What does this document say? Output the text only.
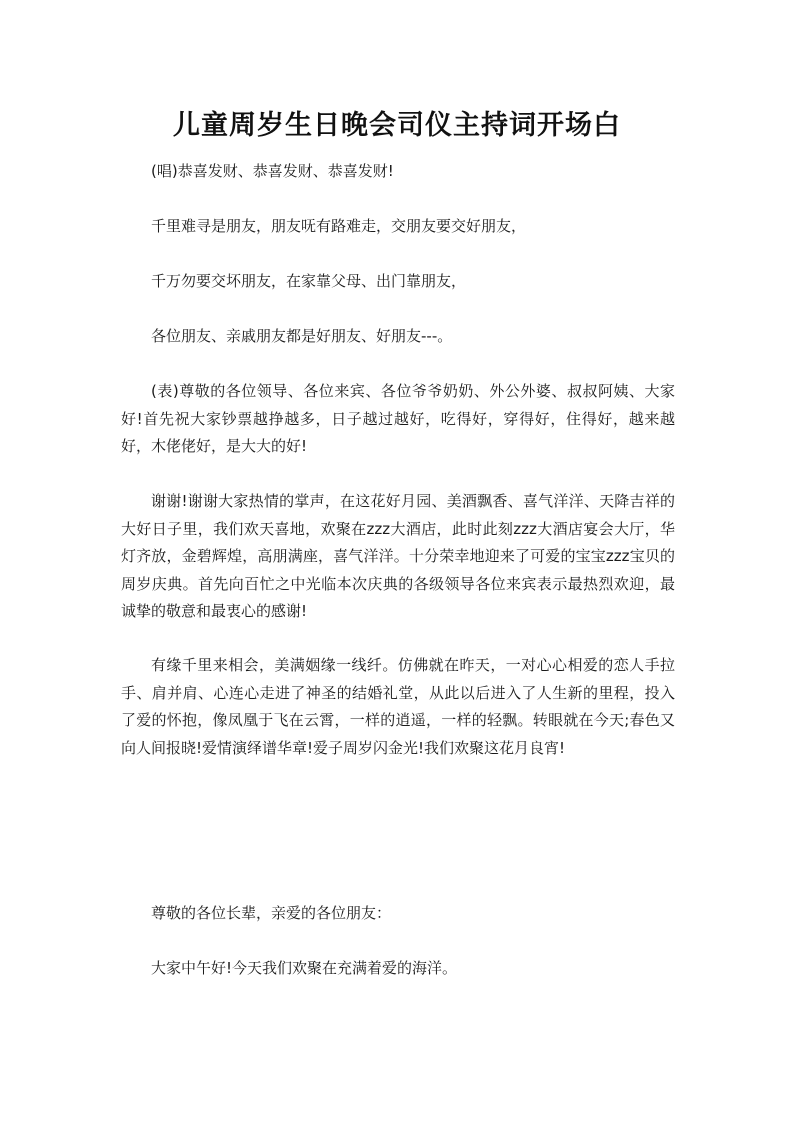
儿童周岁生日晚会司仪主持词开场白
(唱)恭喜发财、恭喜发财、恭喜发财!
千里难寻是朋友，朋友呒有路难走，交朋友要交好朋友，
千万勿要交坏朋友，在家靠父母、出门靠朋友，
各位朋友、亲戚朋友都是好朋友、好朋友---。
(表)尊敬的各位领导、各位来宾、各位爷爷奶奶、外公外婆、叔叔阿姨、大家好!首先祝大家钞票越挣越多，日子越过越好，吃得好，穿得好，住得好，越来越好，木佬佬好，是大大的好!
谢谢!谢谢大家热情的掌声，在这花好月园、美酒飘香、喜气洋洋、天降吉祥的大好日子里，我们欢天喜地，欢聚在zzz大酒店，此时此刻zzz大酒店宴会大厅，华灯齐放，金碧辉煌，高朋满座，喜气洋洋。十分荣幸地迎来了可爱的宝宝zzz宝贝的周岁庆典。首先向百忙之中光临本次庆典的各级领导各位来宾表示最热烈欢迎，最诚挚的敬意和最衷心的感谢!
有缘千里来相会，美满姻缘一线纤。仿佛就在昨天，一对心心相爱的恋人手拉手、肩并肩、心连心走进了神圣的结婚礼堂，从此以后进入了人生新的里程，投入了爱的怀抱，像凤凰于飞在云霄，一样的逍遥，一样的轻飘。转眼就在今天;春色又向人间报晓!爱情演绎谱华章!爱子周岁闪金光!我们欢聚这花月良宵!
尊敬的各位长辈，亲爱的各位朋友：
大家中午好!今天我们欢聚在充满着爱的海洋。
